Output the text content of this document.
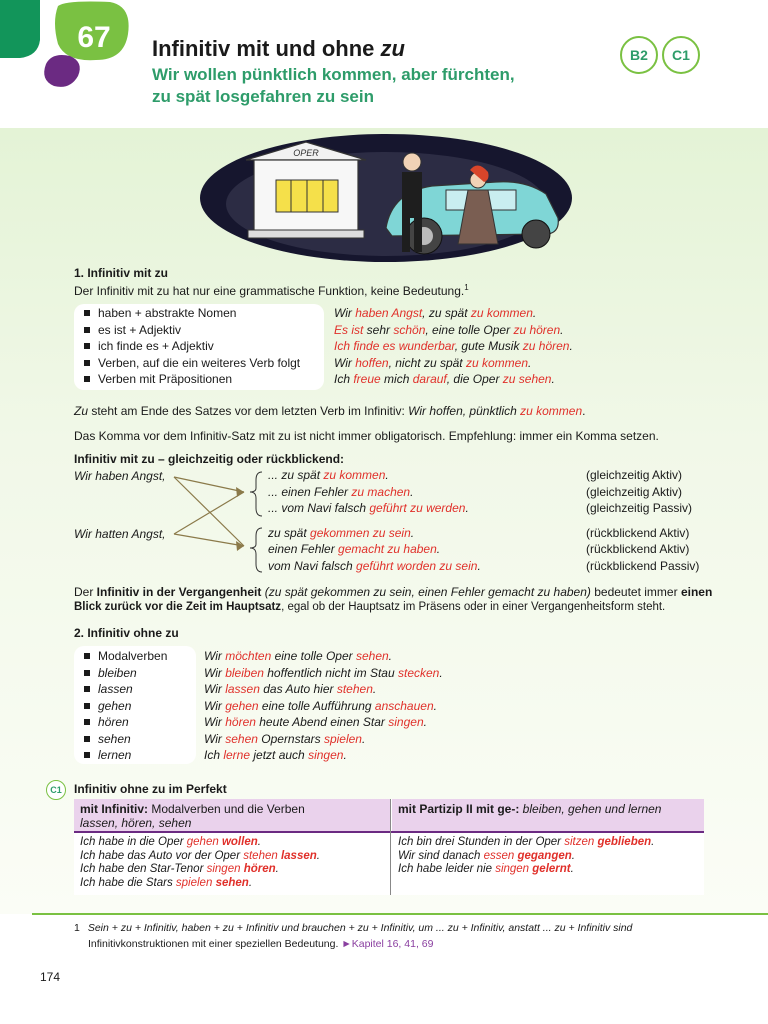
67 Infinitiv mit und ohne zu
Wir wollen pünktlich kommen, aber fürchten,
zu spät losgefahren zu sein
B2 C1
OPER
1. Infinitiv mit zu
Der Infinitiv mit zu hat nur eine grammatische Funktion, keine Bedeutung.$^1$
haben + abstrakte Nomen
es ist + Adjektiv
ich finde es + Adjektiv
Verben, auf die ein weiteres Verb folgt
Verben mit Präpositionen
Wir haben Angst, zu spät zu kommen.
Es ist sehr schön, eine tolle Oper zu hören.
Ich finde es wunderbar, gute Musik zu hören.
Wir hoffen, nicht zu spät zu kommen.
Ich freue mich darauf, die Oper zu sehen.
Zu steht am Ende des Satzes vor dem letzten Verb im Infinitiv: Wir hoffen, pünktlich zu kommen.
Das Komma vor dem Infinitiv-Satz mit zu ist nicht immer obligatorisch. Empfehlung: immer ein Komma setzen.
Infinitiv mit zu – gleichzeitig oder rückblickend:
Wir haben Angst,
Wir hatten Angst,
... zu spät zu kommen.
... einen Fehler zu machen.
... vom Navi falsch geführt zu werden.
zu spät gekommen zu sein.
einen Fehler gemacht zu haben.
vom Navi falsch geführt worden zu sein.
(gleichzeitig Aktiv)
(gleichzeitig Aktiv)
(gleichzeitig Passiv)
(rückblickend Aktiv)
(rückblickend Aktiv)
(rückblickend Passiv)
Der Infinitiv in der Vergangenheit (zu spät gekommen zu sein, einen Fehler gemacht zu haben) bedeutet immer einen
Blick zurück vor die Zeit im Hauptsatz, egal ob der Hauptsatz im Präsens oder in einer Vergangenheitsform steht.
2. Infinitiv ohne zu
Modalverben
bleiben
lassen
gehen
hören
sehen
lernen
Wir möchten eine tolle Oper sehen.
Wir bleiben hoffentlich nicht im Stau stecken.
Wir lassen das Auto hier stehen.
Wir gehen eine tolle Aufführung anschauen.
Wir hören heute Abend einen Star singen.
Wir sehen Opernstars spielen.
Ich lerne jetzt auch singen.
C1 Infinitiv ohne zu im Perfekt
mit Infinitiv: Modalverben und die Verben
lassen, hören, sehen
mit Partizip II mit ge-: bleiben, gehen und lernen
Ich habe in die Oper gehen wollen.
Ich habe das Auto vor der Oper stehen lassen.
Ich habe den Star-Tenor singen hören.
Ich habe die Stars spielen sehen.
Ich bin drei Stunden in der Oper sitzen geblieben.
Wir sind danach essen gegangen.
Ich habe leider nie singen gelernt.
1 Sein + zu + Infinitiv, haben + zu + Infinitiv und brauchen + zu + Infinitiv, um ... zu + Infinitiv, anstatt ... zu + Infinitiv sind
Infinitivkonstruktionen mit einer speziellen Bedeutung. ►Kapitel 16, 41, 69
174
